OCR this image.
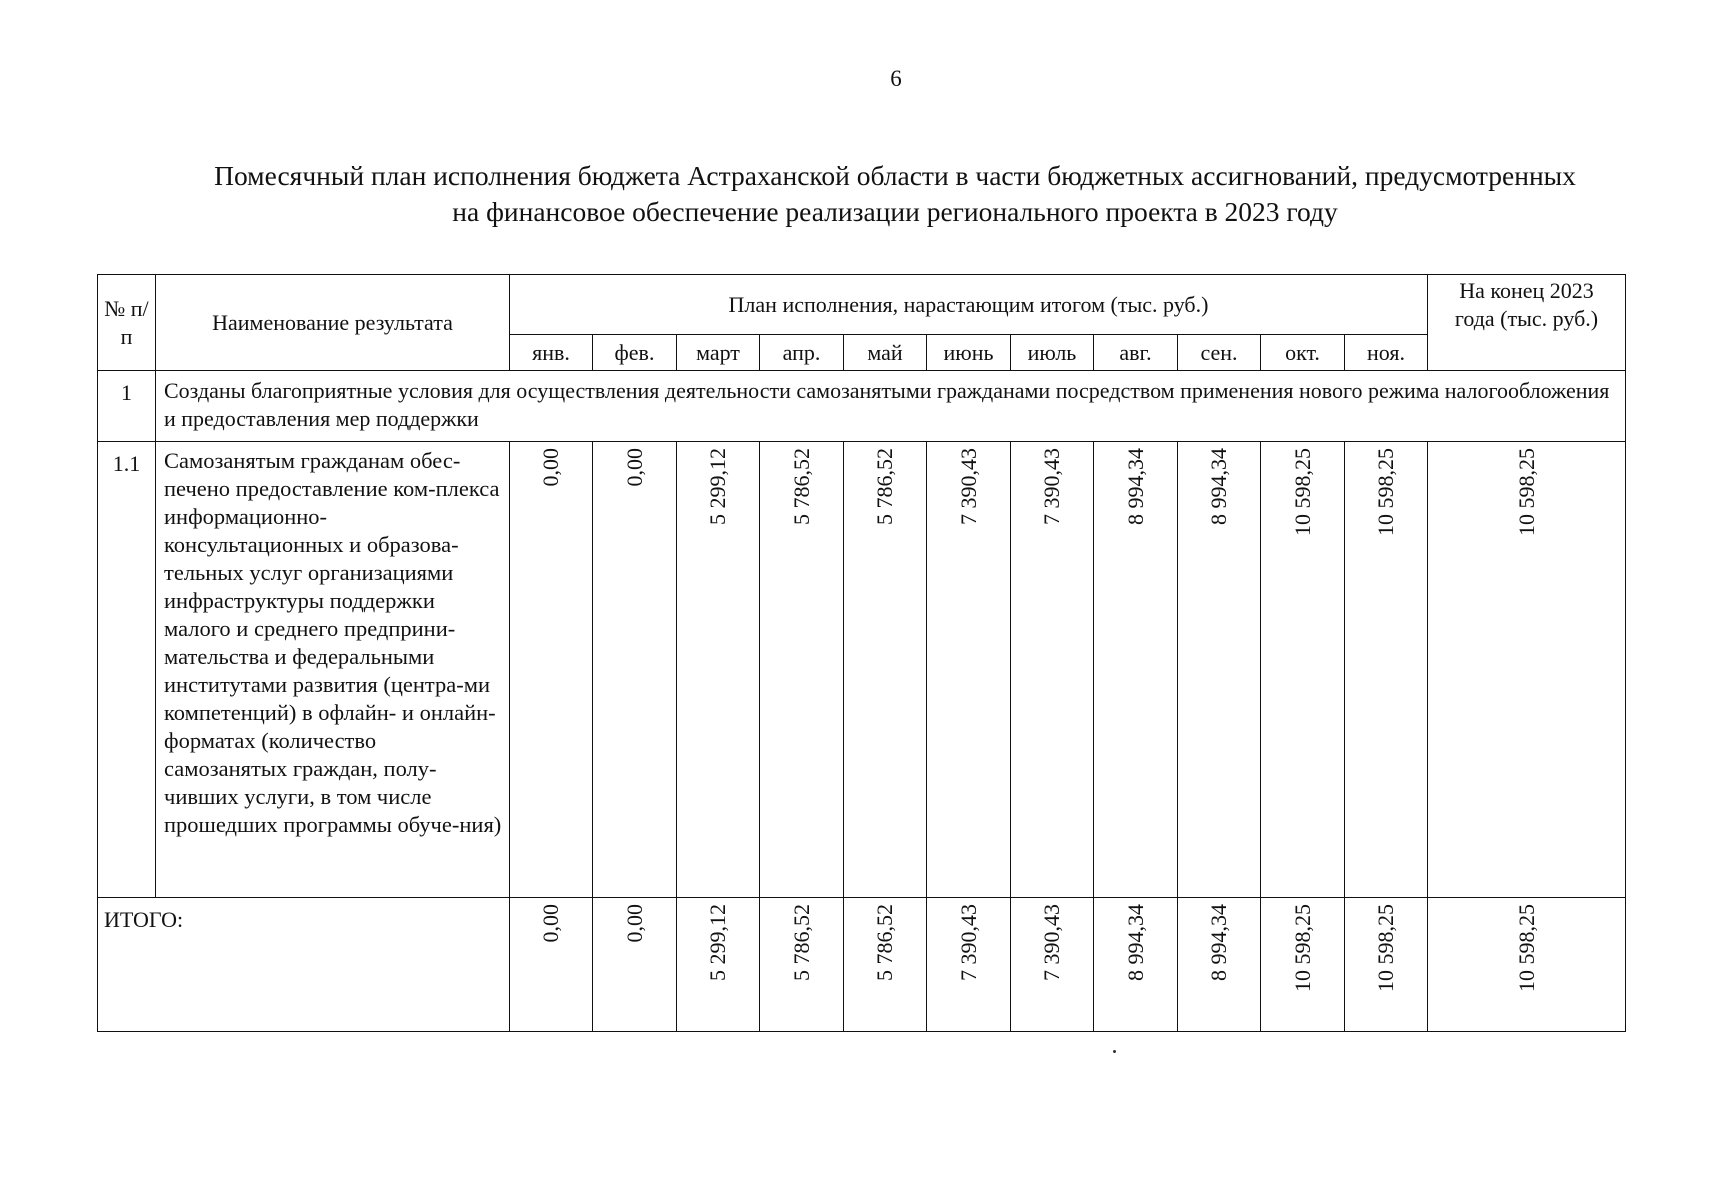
6
Помесячный план исполнения бюджета Астраханской области в части бюджетных ассигнований, предусмотренных
на финансовое обеспечение реализации регионального проекта в 2023 году
№ п/п	Наименование результата	План исполнения, нарастающим итогом (тыс. руб.)											На конец 2023 года (тыс. руб.)
		янв.	фев.	март	апр.	май	июнь	июль	авг.	сен.	окт.	ноя.	
1	Созданы благоприятные условия для осуществления деятельности самозанятыми гражданами посредством применения нового режима налогообложения и предоставления мер поддержки												
1.1	Самозанятым гражданам обес-печено предоставление ком-плекса информационно-консультационных и образова-тельных услуг организациями инфраструктуры поддержки малого и среднего предприни-мательства и федеральными институтами развития (центра-ми компетенций) в офлайн- и онлайн-форматах (количество самозанятых граждан, полу-чивших услуги, в том числе прошедших программы обуче-ния)	0,00	0,00	5 299,12	5 786,52	5 786,52	7 390,43	7 390,43	8 994,34	8 994,34	10 598,25	10 598,25	10 598,25
ИТОГО:		0,00	0,00	5 299,12	5 786,52	5 786,52	7 390,43	7 390,43	8 994,34	8 994,34	10 598,25	10 598,25	10 598,25
